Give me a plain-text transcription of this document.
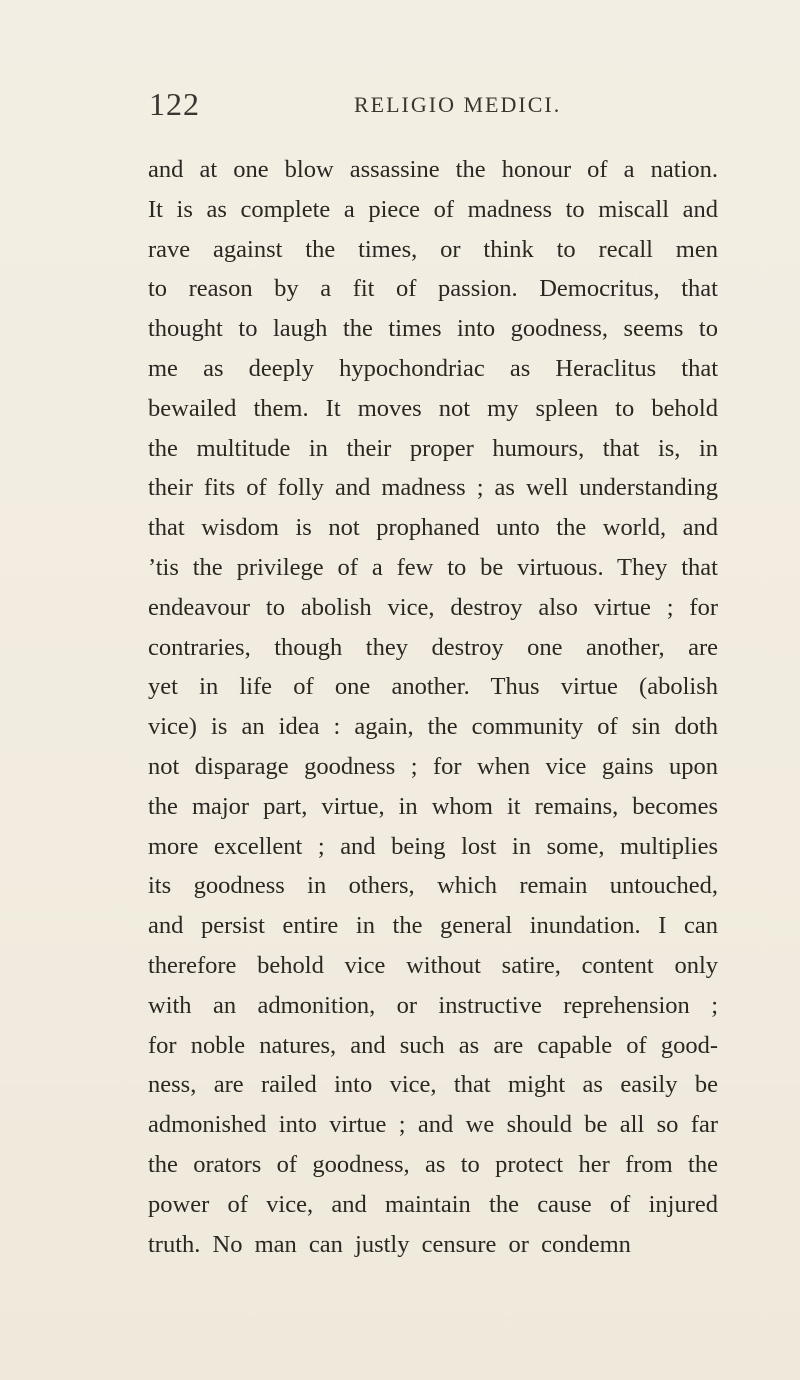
122	RELIGIO MEDICI.
and at one blow assassine the honour of a nation.
It is as complete a piece of madness to miscall and
rave against the times, or think to recall men
to reason by a fit of passion. Democritus, that
thought to laugh the times into goodness, seems to
me as deeply hypochondriac as Heraclitus that
bewailed them. It moves not my spleen to behold
the multitude in their proper humours, that is, in
their fits of folly and madness ; as well understanding
that wisdom is not prophaned unto the world, and
’tis the privilege of a few to be virtuous. They that
endeavour to abolish vice, destroy also virtue ; for
contraries, though they destroy one another, are
yet in life of one another. Thus virtue (abolish
vice) is an idea : again, the community of sin doth
not disparage goodness ; for when vice gains upon
the major part, virtue, in whom it remains, becomes
more excellent ; and being lost in some, multiplies
its goodness in others, which remain untouched,
and persist entire in the general inundation. I can
therefore behold vice without satire, content only
with an admonition, or instructive reprehension ;
for noble natures, and such as are capable of good-
ness, are railed into vice, that might as easily be
admonished into virtue ; and we should be all so far
the orators of goodness, as to protect her from the
power of vice, and maintain the cause of injured
truth. No man can justly censure or condemn
